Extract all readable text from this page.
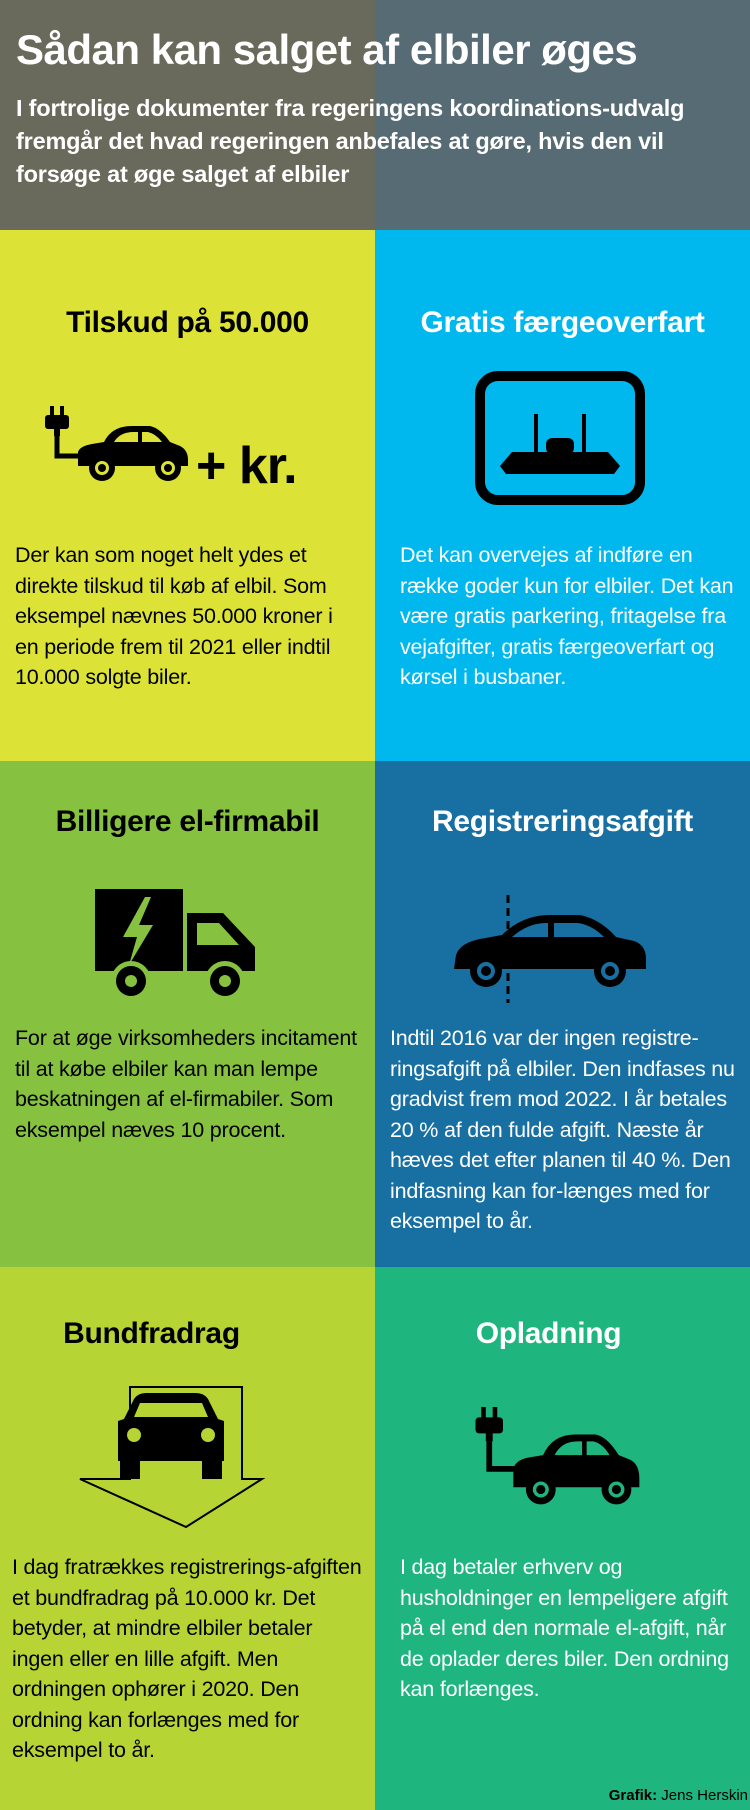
Sådan kan salget af elbiler øges

I fortrolige dokumenter fra regeringens koordinations-udvalg fremgår det hvad regeringen anbefales at gøre, hvis den vil forsøge at øge salget af elbiler

Tilskud på 50.000
+ kr.

Der kan som noget helt ydes et direkte tilskud til køb af elbil. Som eksempel nævnes 50.000 kroner i en periode frem til 2021 eller indtil 10.000 solgte biler.

Gratis færgeoverfart

Det kan overvejes af indføre en række goder kun for elbiler. Det kan være gratis parkering, fritagelse fra vejafgifter, gratis færgeoverfart og kørsel i busbaner.

Billigere el-firmabil

For at øge virksomheders incitament til at købe elbiler kan man lempe beskatningen af el-firmabiler. Som eksempel næves 10 procent.

Registreringsafgift

Indtil 2016 var der ingen registre-ringsafgift på elbiler. Den indfases nu gradvist frem mod 2022. I år betales 20 % af den fulde afgift. Næste år hæves det efter planen til 40 %. Den indfasning kan for-længes med for eksempel to år.

Bundfradrag

I dag fratrækkes registrerings-afgiften et bundfradrag på 10.000 kr. Det betyder, at mindre elbiler betaler ingen eller en lille afgift. Men ordningen ophører i 2020. Den ordning kan forlænges med for eksempel to år.

Opladning

I dag betaler erhverv og husholdninger en lempeligere afgift på el end den normale el-afgift, når de oplader deres biler. Den ordning kan forlænges.

Grafik: Jens Herskin
